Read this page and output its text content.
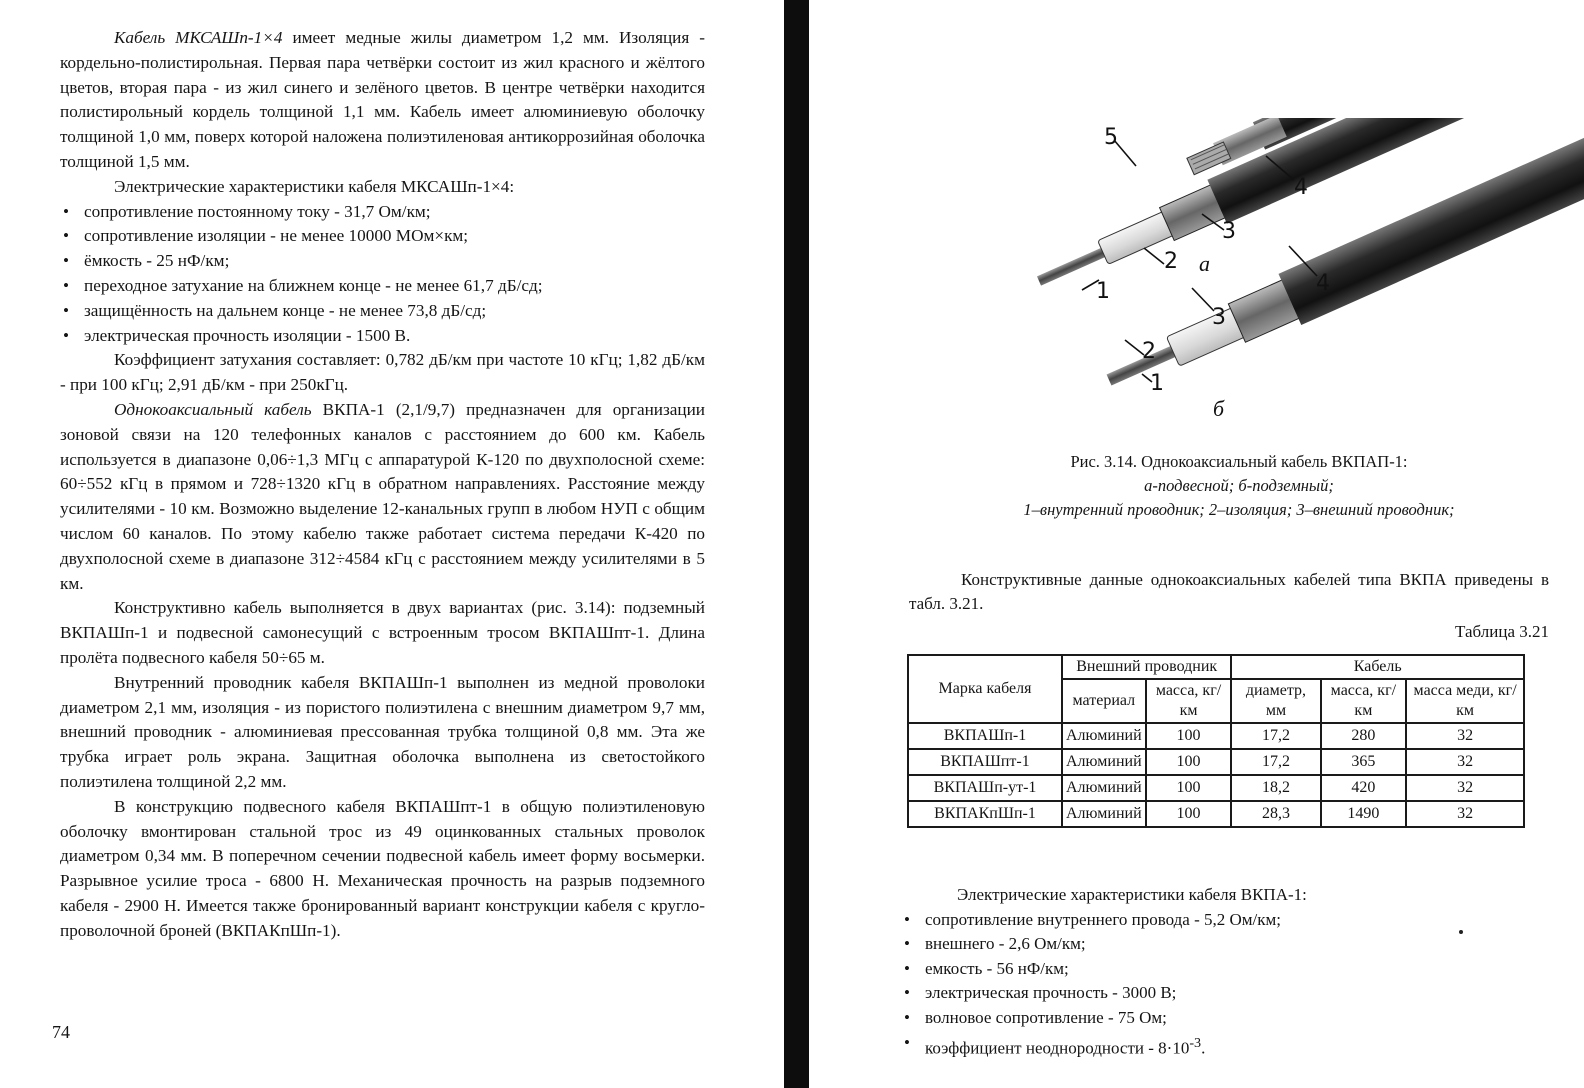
Кабель МКСАШп-1×4 имеет медные жилы диаметром 1,2 мм. Изоляция - кордельно-полистирольная. Первая пара четвёрки состоит из жил красного и жёлтого цветов, вторая пара - из жил синего и зелёного цветов. В центре четвёрки находится полистирольный кордель толщиной 1,1 мм. Кабель имеет алюминиевую оболочку толщиной 1,0 мм, поверх которой наложена полиэтиленовая антикоррозийная оболочка толщиной 1,5 мм.

Электрические характеристики кабеля МКСАШп-1×4:

• сопротивление постоянному току - 31,7 Ом/км;
• сопротивление изоляции - не менее 10000 МОм×км;
• ёмкость - 25 нФ/км;
• переходное затухание на ближнем конце - не менее 61,7 дБ/сд;
• защищённость на дальнем конце - не менее 73,8 дБ/сд;
• электрическая прочность изоляции - 1500 В.

Коэффициент затухания составляет: 0,782 дБ/км при частоте 10 кГц; 1,82 дБ/км - при 100 кГц; 2,91 дБ/км - при 250кГц.

Однокоаксиальный кабель ВКПА-1 (2,1/9,7) предназначен для организации зоновой связи на 120 телефонных каналов с расстоянием до 600 км. Кабель используется в диапазоне 0,06÷1,3 МГц с аппаратурой К-120 по двухполосной схеме: 60÷552 кГц в прямом и 728÷1320 кГц в обратном направлениях. Расстояние между усилителями - 10 км. Возможно выделение 12-канальных групп в любом НУП с общим числом 60 каналов. По этому кабелю также работает система передачи К-420 по двухполосной схеме в диапазоне 312÷4584 кГц с расстоянием между усилителями в 5 км.

Конструктивно кабель выполняется в двух вариантах (рис. 3.14): подземный ВКПАШп-1 и подвесной самонесущий с встроенным тросом ВКПАШпт-1. Длина пролёта подвесного кабеля 50÷65 м.

Внутренний проводник кабеля ВКПАШп-1 выполнен из медной проволоки диаметром 2,1 мм, изоляция - из пористого полиэтилена с внешним диаметром 9,7 мм, внешний проводник - алюминиевая прессованная трубка толщиной 0,8 мм. Эта же трубка играет роль экрана. Защитная оболочка выполнена из светостойкого полиэтилена толщиной 2,2 мм.

В конструкцию подвесного кабеля ВКПАШпт-1 в общую полиэтиленовую оболочку вмонтирован стальной трос из 49 оцинкованных стальных проволок диаметром 0,34 мм. В поперечном сечении подвесной кабель имеет форму восьмерки. Разрывное усилие троса - 6800 Н. Механическая прочность на разрыв подземного кабеля - 2900 Н. Имеется также бронированный вариант конструкции кабеля с кругло-проволочной броней (ВКПАКпШп-1).

74
5
4
3
2
1	4
3
2
1
а
б
Рис. 3.14. Однокоаксиальный кабель ВКПАП-1:
а-подвесной; б-подземный;
1–внутренний проводник; 2–изоляция; 3–внешний проводник;

Конструктивные данные однокоаксиальных кабелей типа ВКПА приведены в табл. 3.21.

Таблица 3.21
Марка кабеля	Внешний проводник		Кабель		
	материал	масса, кг/км	диаметр, мм	масса, кг/км	масса меди, кг/км
ВКПАШп-1	Алюминий	100	17,2	280	32
ВКПАШпт-1	Алюминий	100	17,2	365	32
ВКПАШп-ут-1	Алюминий	100	18,2	420	32
ВКПАКпШп-1	Алюминий	100	28,3	1490	32

Электрические характеристики кабеля ВКПА-1:

• сопротивление внутреннего провода - 5,2 Ом/км;
• внешнего - 2,6 Ом/км;
• емкость - 56 нФ/км;
• электрическая прочность - 3000 В;
• волновое сопротивление - 75 Ом;
• коэффициент неоднородности - $8\cdot 10^{-3}$.
